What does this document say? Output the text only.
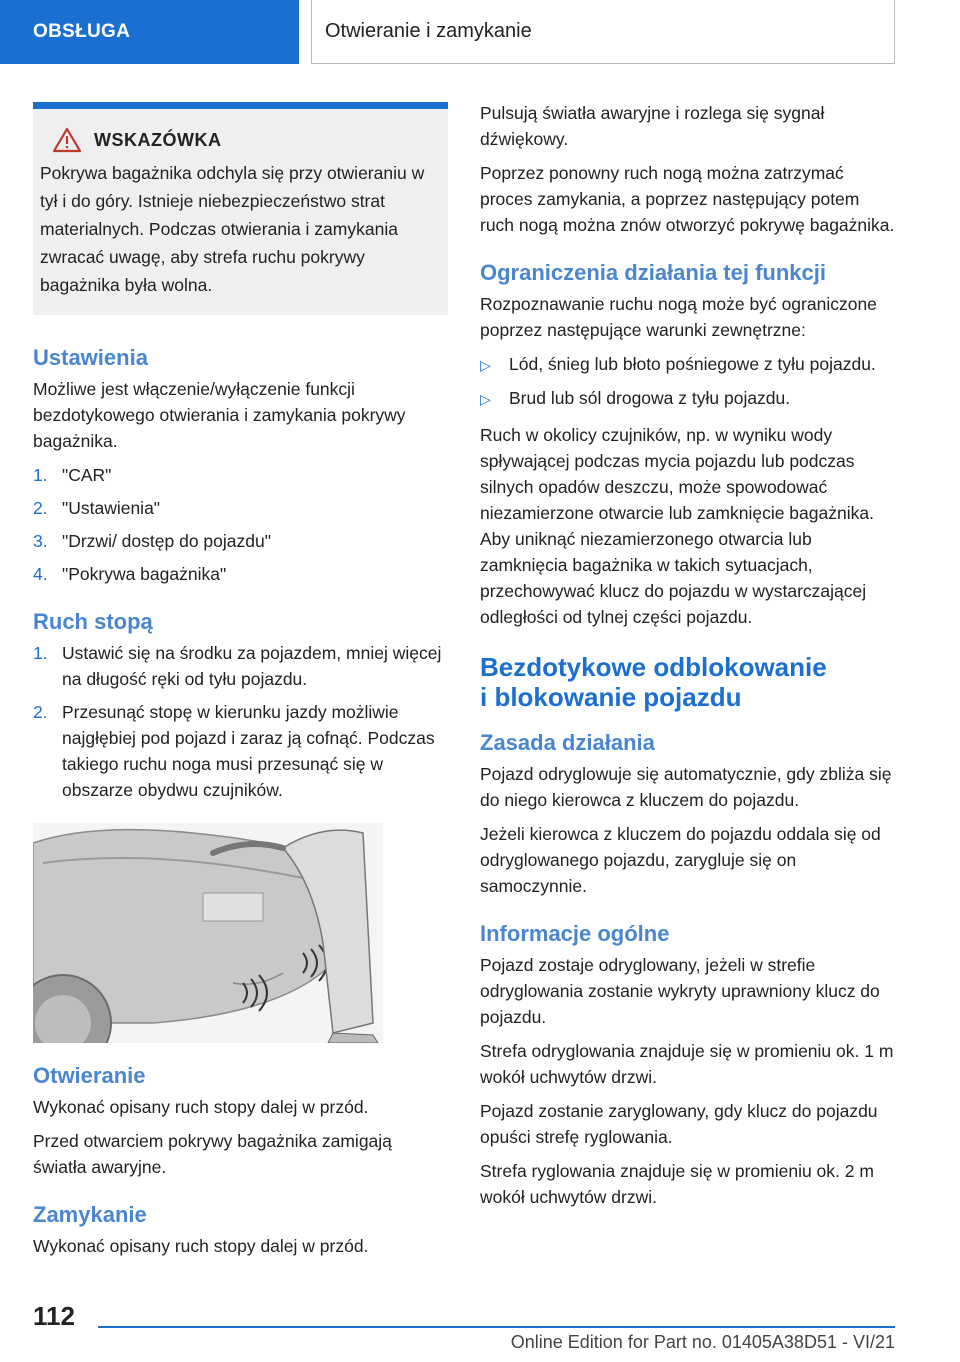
OBSŁUGA	Otwieranie i zamykanie
WSKAZÓWKA

Pokrywa bagażnika odchyla się przy otwieraniu w tył i do góry. Istnieje niebezpieczeństwo strat materialnych. Podczas otwierania i zamykania zwracać uwagę, aby strefa ruchu pokrywy bagażnika była wolna.

Ustawienia

Możliwe jest włączenie/wyłączenie funkcji bezdotykowego otwierania i zamykania pokrywy bagażnika.

1. "CAR"
2. "Ustawienia"
3. "Drzwi/ dostęp do pojazdu"
4. "Pokrywa bagażnika"
Ruch stopą
1. Ustawić się na środku za pojazdem, mniej więcej na długość ręki od tyłu pojazdu.
2. Przesunąć stopę w kierunku jazdy możliwie najgłębiej pod pojazd i zaraz ją cofnąć. Podczas takiego ruchu noga musi przesunąć się w obszarze obydwu czujników.
Otwieranie

Wykonać opisany ruch stopy dalej w przód.

Przed otwarciem pokrywy bagażnika zamigają światła awaryjne.

Zamykanie

Wykonać opisany ruch stopy dalej w przód.

Pulsują światła awaryjne i rozlega się sygnał dźwiękowy.

Poprzez ponowny ruch nogą można zatrzymać proces zamykania, a poprzez następujący potem ruch nogą można znów otworzyć pokrywę bagażnika.

Ograniczenia działania tej funkcji

Rozpoznawanie ruchu nogą może być ograniczone poprzez następujące warunki zewnętrzne:

▷	Lód, śnieg lub błoto pośniegowe z tyłu pojazdu.
▷	Brud lub sól drogowa z tyłu pojazdu.

Ruch w okolicy czujników, np. w wyniku wody spływającej podczas mycia pojazdu lub podczas silnych opadów deszczu, może spowodować niezamierzone otwarcie lub zamknięcie bagażnika. Aby uniknąć niezamierzonego otwarcia lub zamknięcia bagażnika w takich sytuacjach, przechowywać klucz do pojazdu w wystarczającej odległości od tylnej części pojazdu.

Bezdotykowe odblokowanie
i blokowanie pojazdu
Zasada działania

Pojazd odryglowuje się automatycznie, gdy zbliża się do niego kierowca z kluczem do pojazdu.

Jeżeli kierowca z kluczem do pojazdu oddala się od odryglowanego pojazdu, zarygluje się on samoczynnie.

Informacje ogólne

Pojazd zostaje odryglowany, jeżeli w strefie odryglowania zostanie wykryty uprawniony klucz do pojazdu.

Strefa odryglowania znajduje się w promieniu ok. 1 m wokół uchwytów drzwi.

Pojazd zostanie zaryglowany, gdy klucz do pojazdu opuści strefę ryglowania.

Strefa ryglowania znajduje się w promieniu ok. 2 m wokół uchwytów drzwi.

112
Online Edition for Part no. 01405A38D51 - VI/21
